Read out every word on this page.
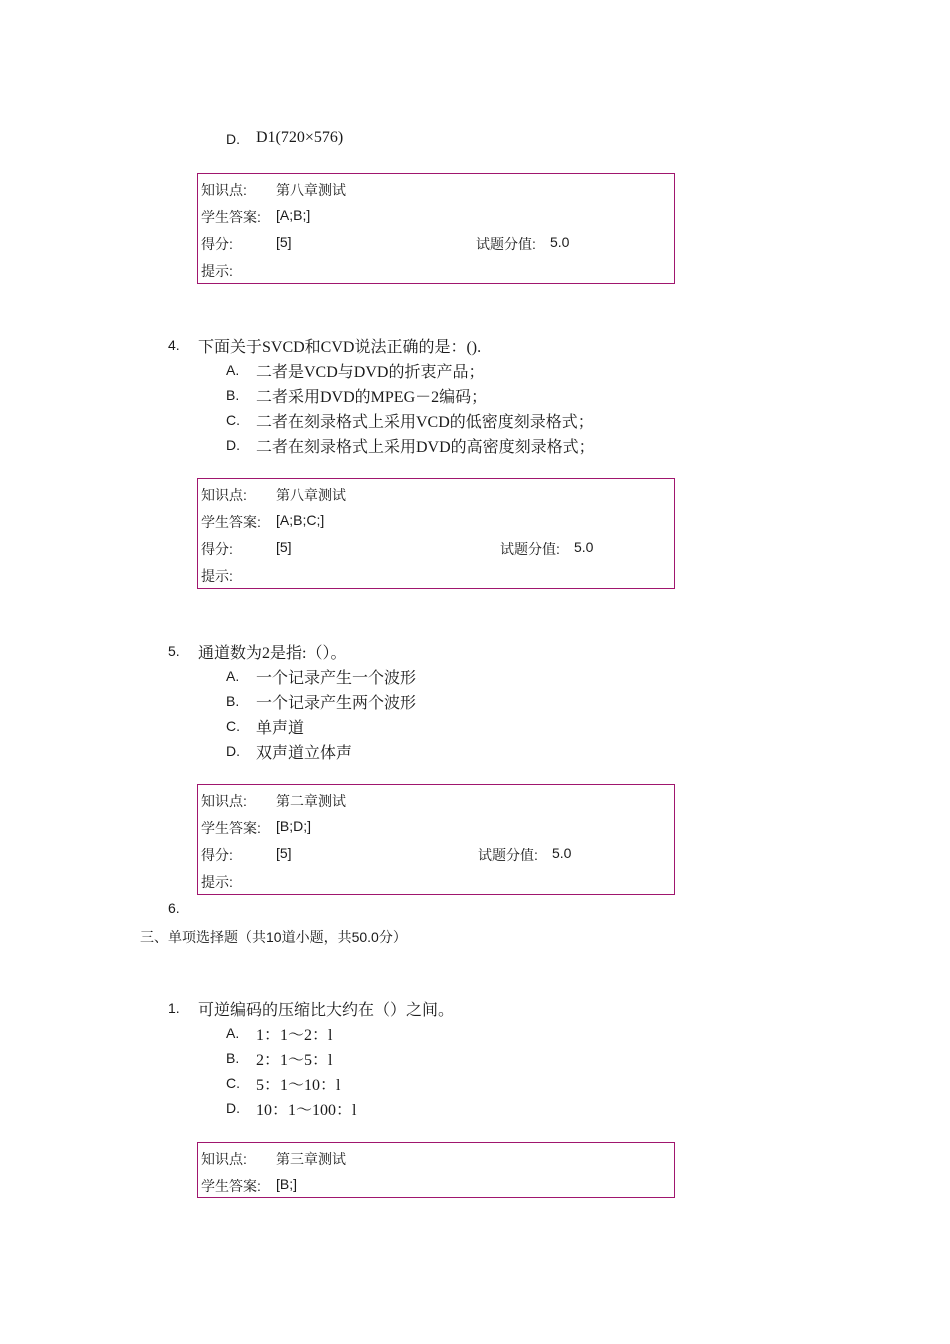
D. D1(720×576)
知识点: 第八章测试
学生答案: [A;B;]
得分:	[5]	试题分值: 5.0
提示:
4. 下面关于SVCD和CVD说法正确的是：().
A. 二者是VCD与DVD的折衷产品；
B. 二者采用DVD的MPEG－2编码；
C. 二者在刻录格式上采用VCD的低密度刻录格式；
D. 二者在刻录格式上采用DVD的高密度刻录格式；
知识点: 第八章测试
学生答案: [A;B;C;]
得分:	[5]	试题分值: 5.0
提示:
5. 通道数为2是指:（）。
A. 一个记录产生一个波形
B. 一个记录产生两个波形
C. 单声道
D. 双声道立体声
知识点: 第二章测试
学生答案: [B;D;]
得分:	[5]	试题分值: 5.0
提示:
6.
三、单项选择题（共10道小题，共50.0分）
1. 可逆编码的压缩比大约在（）之间。
A. 1：1～2：l
B. 2：1～5：l
C. 5：1～10：l
D. 10：1～100：l
知识点: 第三章测试
学生答案: [B;]
